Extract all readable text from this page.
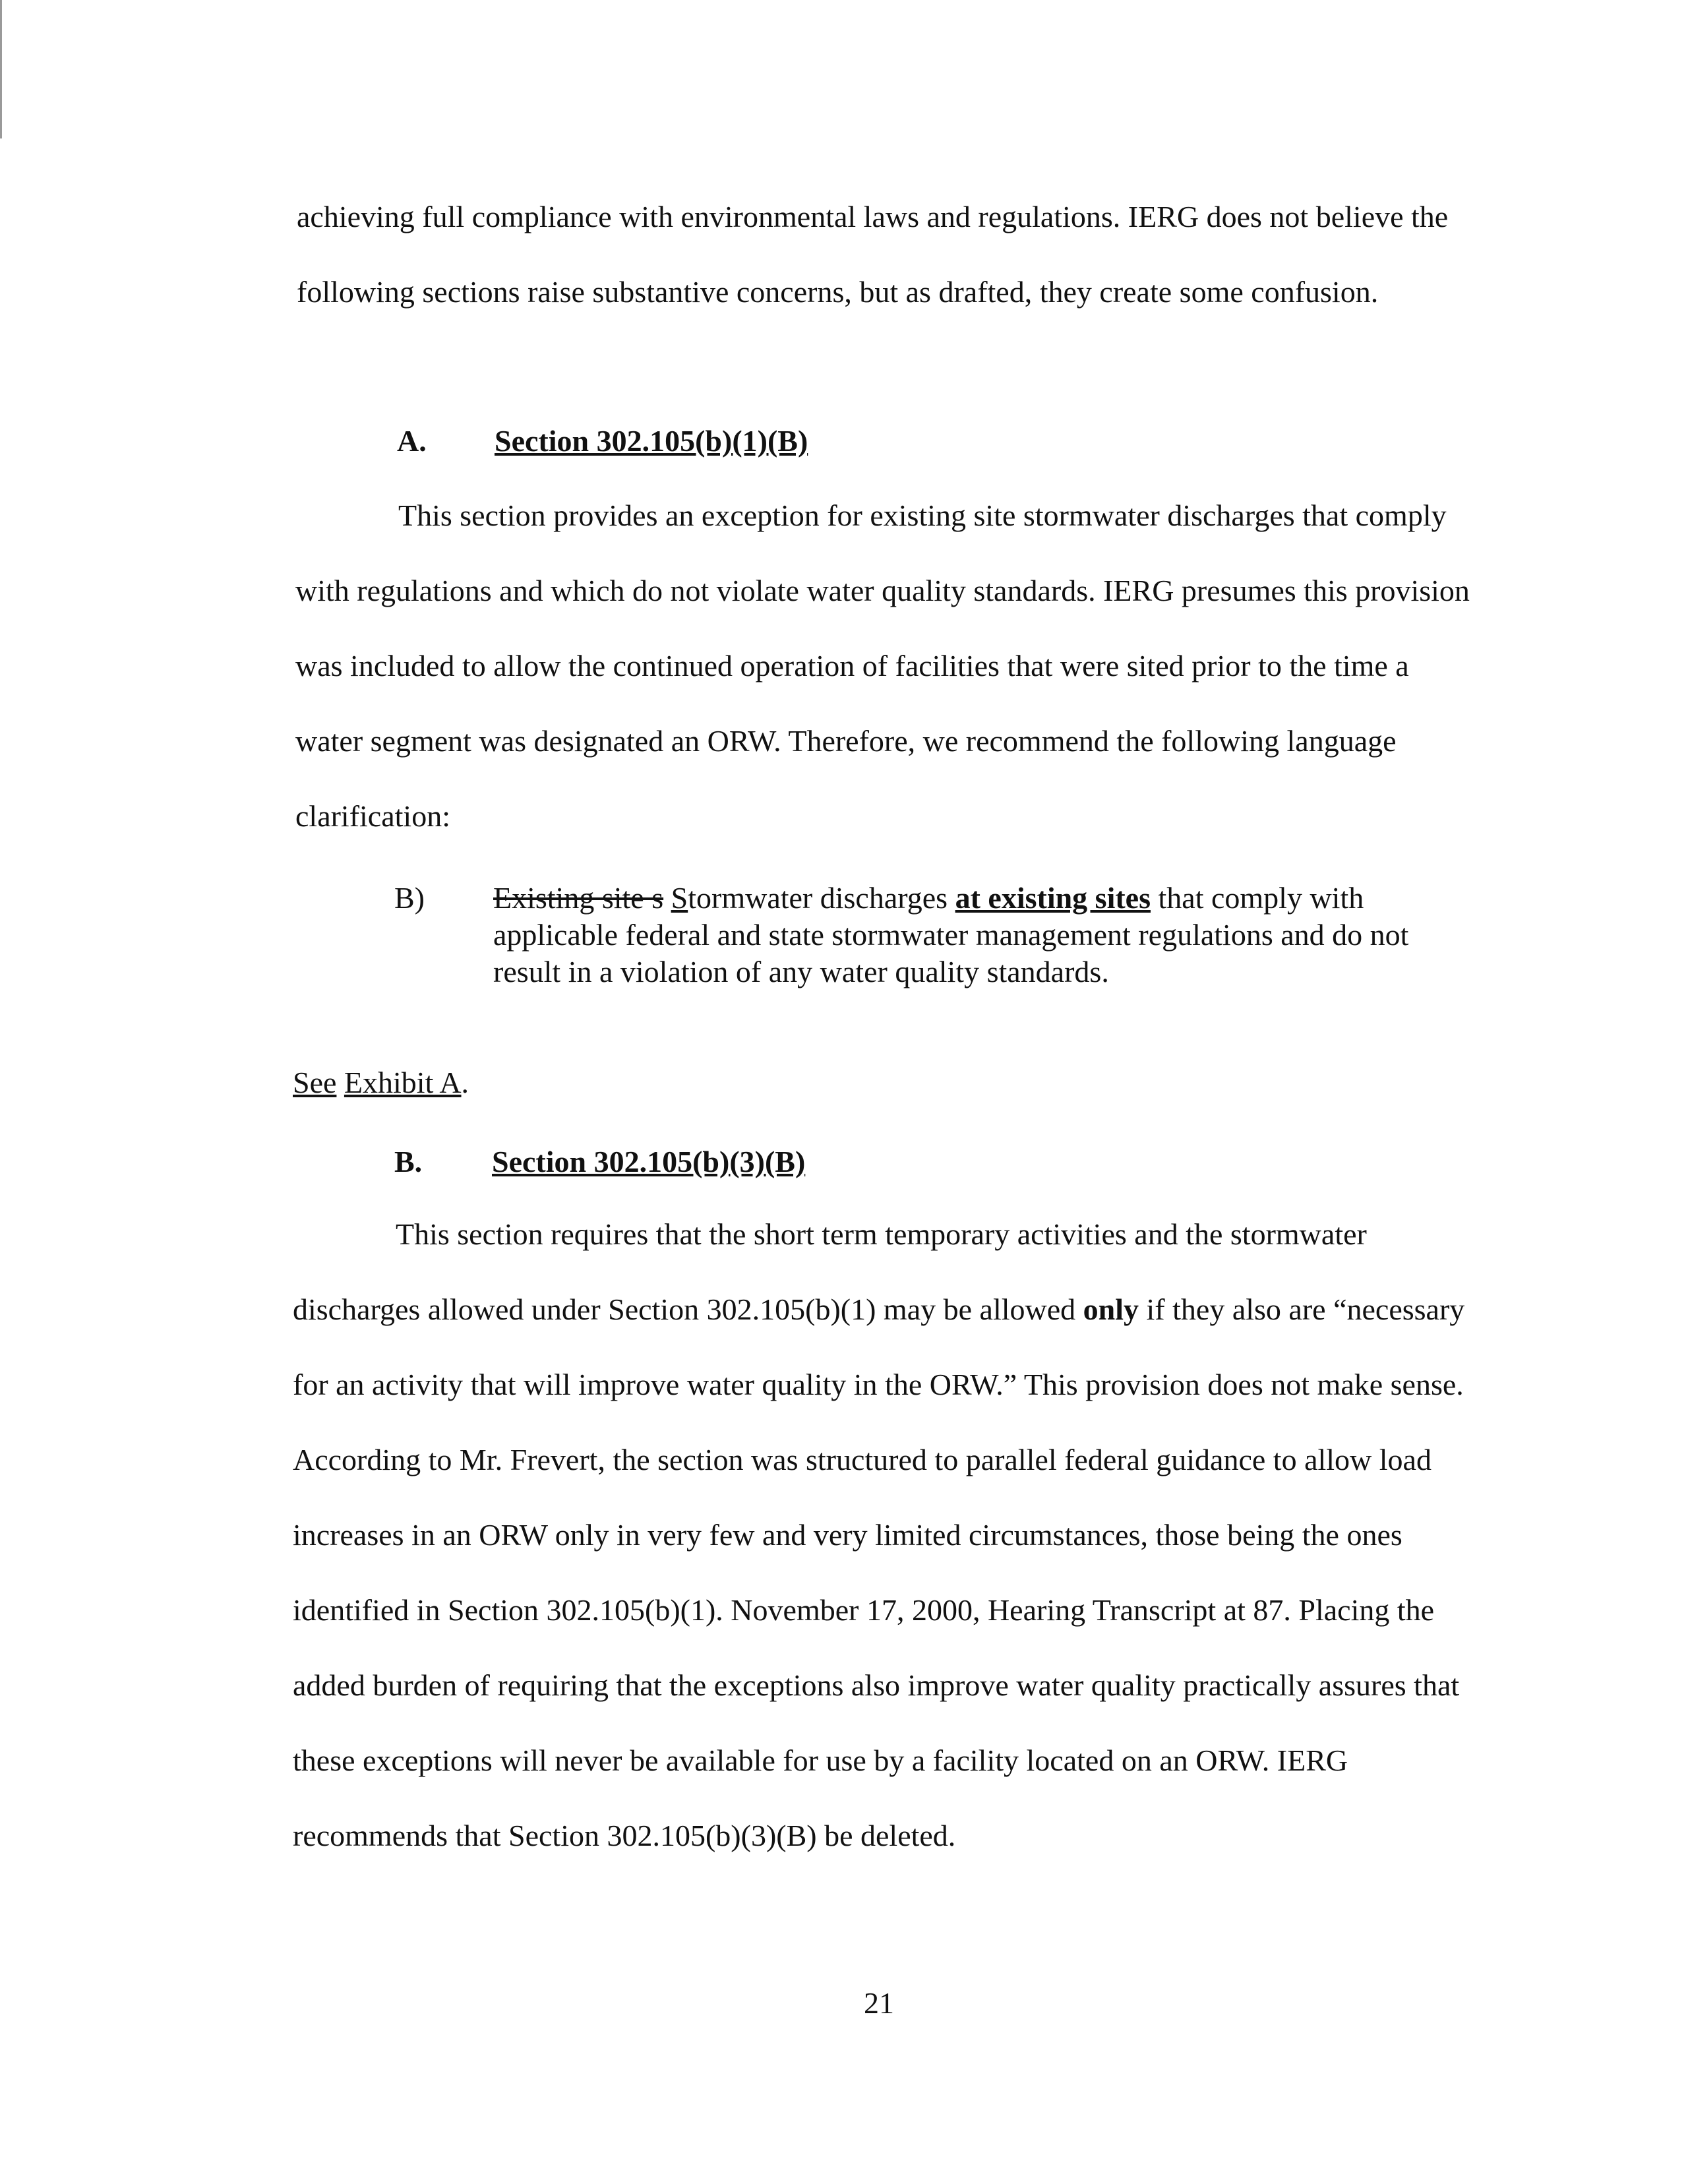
achieving full compliance with environmental laws and regulations. IERG does not believe the following sections raise substantive concerns, but as drafted, they create some confusion.

A. Section 302.105(b)(1)(B)

This section provides an exception for existing site stormwater discharges that comply with regulations and which do not violate water quality standards. IERG presumes this provision was included to allow the continued operation of facilities that were sited prior to the time a water segment was designated an ORW. Therefore, we recommend the following language clarification:

B)	Existing site s Stormwater discharges at existing sites that comply with applicable federal and state stormwater management regulations and do not result in a violation of any water quality standards.

See Exhibit A.

B. Section 302.105(b)(3)(B)

This section requires that the short term temporary activities and the stormwater discharges allowed under Section 302.105(b)(1) may be allowed only if they also are “necessary for an activity that will improve water quality in the ORW.” This provision does not make sense. According to Mr. Frevert, the section was structured to parallel federal guidance to allow load increases in an ORW only in very few and very limited circumstances, those being the ones identified in Section 302.105(b)(1). November 17, 2000, Hearing Transcript at 87. Placing the added burden of requiring that the exceptions also improve water quality practically assures that these exceptions will never be available for use by a facility located on an ORW. IERG recommends that Section 302.105(b)(3)(B) be deleted.

21
